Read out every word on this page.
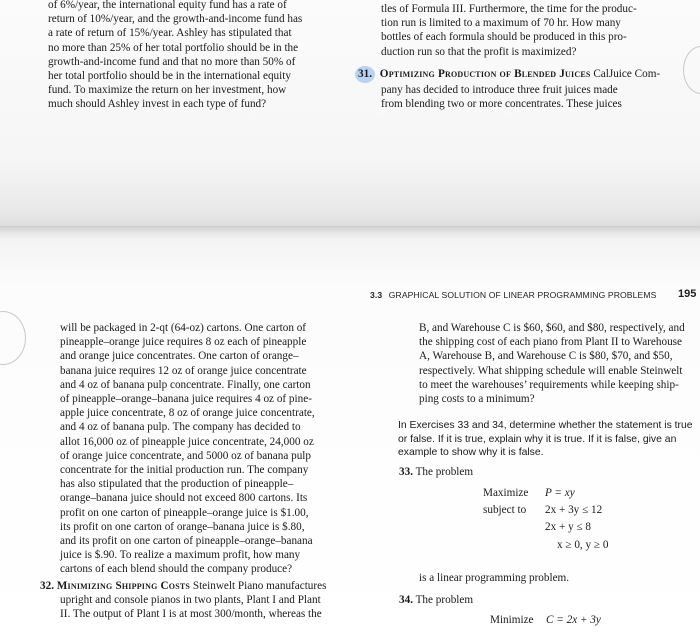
of 6%/year, the international equity fund has a rate of
return of 10%/year, and the growth-and-income fund has
a rate of return of 15%/year. Ashley has stipulated that
no more than 25% of her total portfolio should be in the
growth-and-income fund and that no more than 50% of
her total portfolio should be in the international equity
fund. To maximize the return on her investment, how
much should Ashley invest in each type of fund?
tles of Formula III. Furthermore, the time for the produc-
tion run is limited to a maximum of 70 hr. How many
bottles of each formula should be produced in this pro-
duction run so that the profit is maximized?
31. Optimizing Production of Blended Juices CalJuice Com-
pany has decided to introduce three fruit juices made
from blending two or more concentrates. These juices
3.3 GRAPHICAL SOLUTION OF LINEAR PROGRAMMING PROBLEMS 195
will be packaged in 2-qt (64-oz) cartons. One carton of
pineapple–orange juice requires 8 oz each of pineapple
and orange juice concentrates. One carton of orange–
banana juice requires 12 oz of orange juice concentrate
and 4 oz of banana pulp concentrate. Finally, one carton
of pineapple–orange–banana juice requires 4 oz of pine-
apple juice concentrate, 8 oz of orange juice concentrate,
and 4 oz of banana pulp. The company has decided to
allot 16,000 oz of pineapple juice concentrate, 24,000 oz
of orange juice concentrate, and 5000 oz of banana pulp
concentrate for the initial production run. The company
has also stipulated that the production of pineapple–
orange–banana juice should not exceed 800 cartons. Its
profit on one carton of pineapple–orange juice is $1.00,
its profit on one carton of orange–banana juice is $.80,
and its profit on one carton of pineapple–orange–banana
juice is $.90. To realize a maximum profit, how many
cartons of each blend should the company produce?
32. Minimizing Shipping Costs Steinwelt Piano manufactures
upright and console pianos in two plants, Plant I and Plant
II. The output of Plant I is at most 300/month, whereas the
B, and Warehouse C is $60, $60, and $80, respectively, and
the shipping cost of each piano from Plant II to Warehouse
A, Warehouse B, and Warehouse C is $80, $70, and $50,
respectively. What shipping schedule will enable Steinwelt
to meet the warehouses’ requirements while keeping ship-
ping costs to a minimum?
In Exercises 33 and 34, determine whether the statement is true
or false. If it is true, explain why it is true. If it is false, give an
example to show why it is false.
33. The problem
Maximize P = xy
subject to 2x + 3y ≤ 12
2x + y ≤ 8
x ≥ 0, y ≥ 0
is a linear programming problem.
34. The problem
Minimize C = 2x + 3y
